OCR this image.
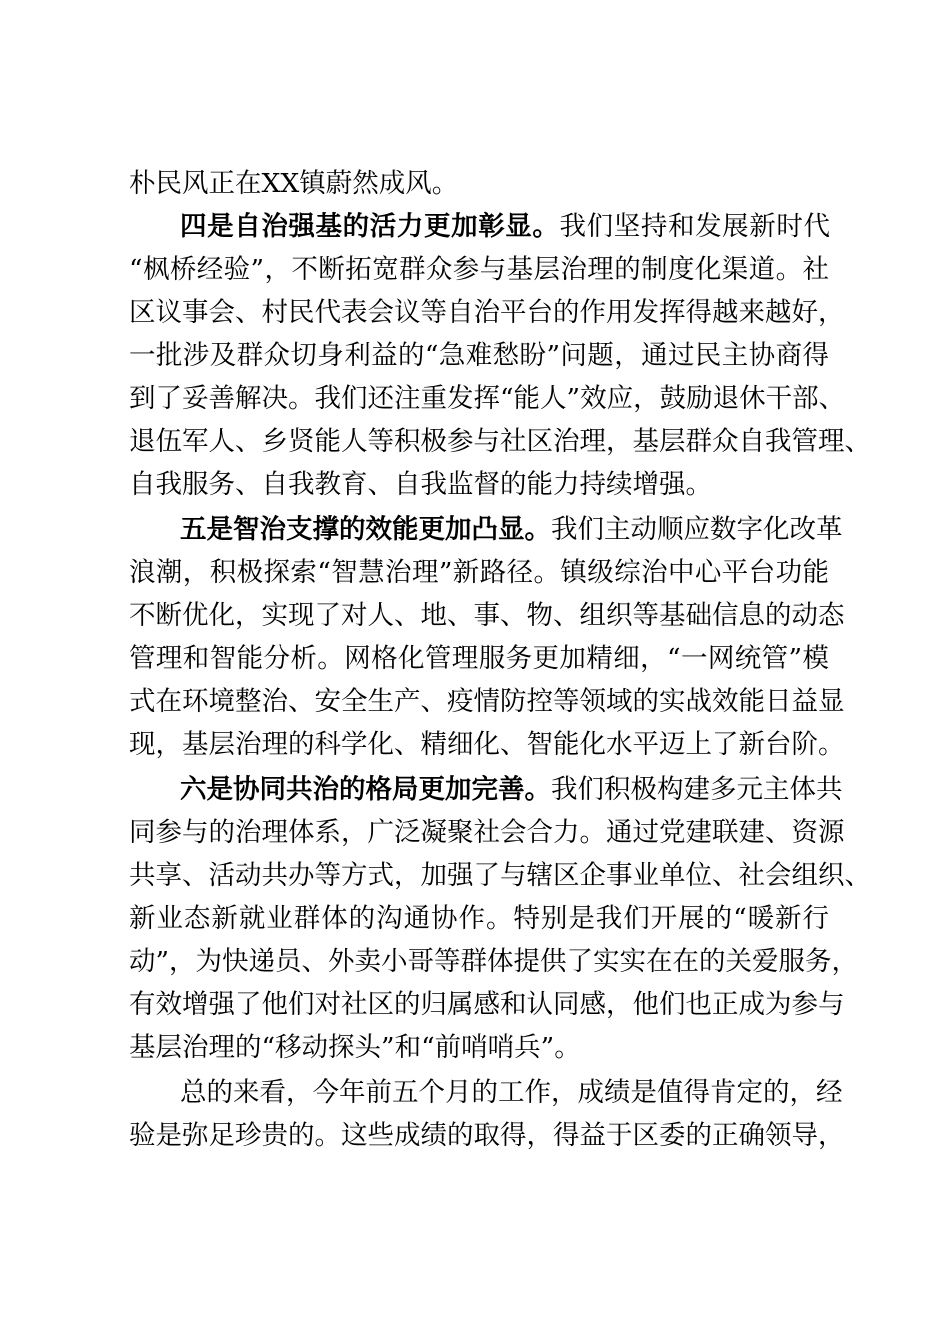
朴民风正在XX镇蔚然成风。
四是自治强基的活力更加彰显。我们坚持和发展新时代
“枫桥经验”，不断拓宽群众参与基层治理的制度化渠道。社
区议事会、村民代表会议等自治平台的作用发挥得越来越好，
一批涉及群众切身利益的“急难愁盼”问题，通过民主协商得
到了妥善解决。我们还注重发挥“能人”效应，鼓励退休干部、
退伍军人、乡贤能人等积极参与社区治理，基层群众自我管理、
自我服务、自我教育、自我监督的能力持续增强。
五是智治支撑的效能更加凸显。我们主动顺应数字化改革
浪潮，积极探索“智慧治理”新路径。镇级综治中心平台功能
不断优化，实现了对人、地、事、物、组织等基础信息的动态
管理和智能分析。网格化管理服务更加精细，“一网统管”模
式在环境整治、安全生产、疫情防控等领域的实战效能日益显
现，基层治理的科学化、精细化、智能化水平迈上了新台阶。
六是协同共治的格局更加完善。我们积极构建多元主体共
同参与的治理体系，广泛凝聚社会合力。通过党建联建、资源
共享、活动共办等方式，加强了与辖区企事业单位、社会组织、
新业态新就业群体的沟通协作。特别是我们开展的“暖新行
动”，为快递员、外卖小哥等群体提供了实实在在的关爱服务，
有效增强了他们对社区的归属感和认同感，他们也正成为参与
基层治理的“移动探头”和“前哨哨兵”。
总的来看，今年前五个月的工作，成绩是值得肯定的，经
验是弥足珍贵的。这些成绩的取得，得益于区委的正确领导，
